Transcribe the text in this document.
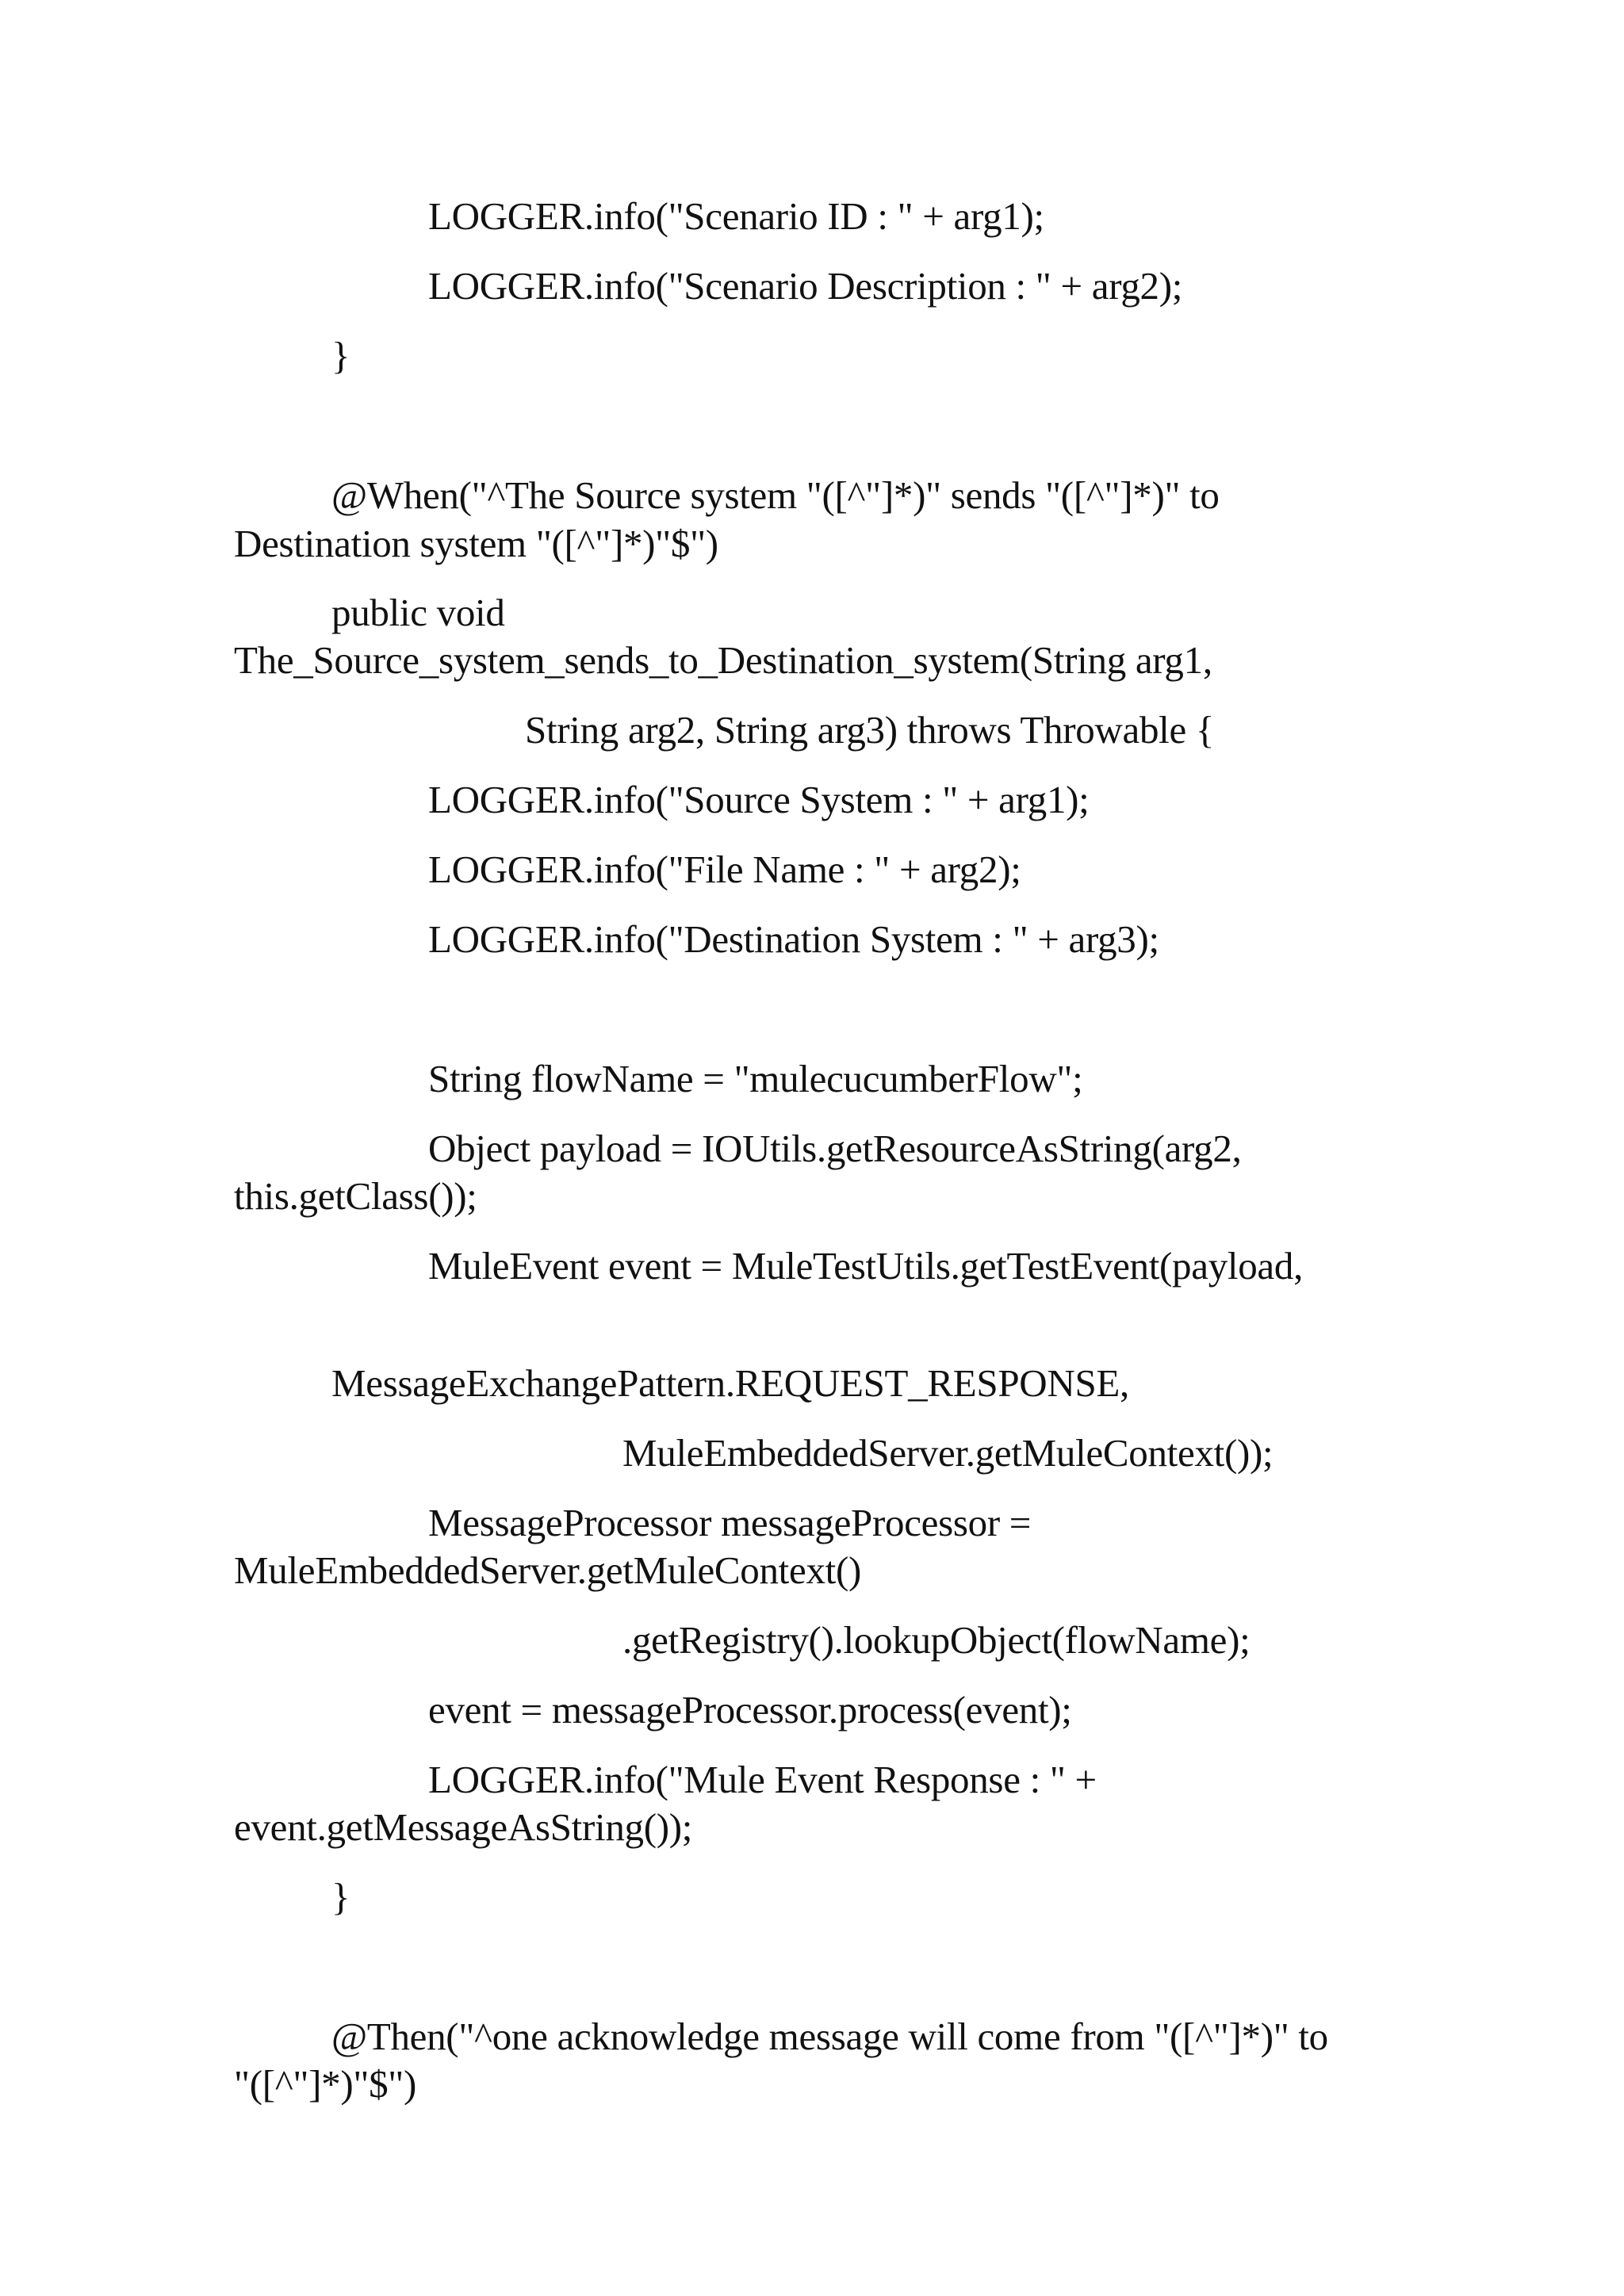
LOGGER.info("Scenario ID : " + arg1);

LOGGER.info("Scenario Description : " + arg2);

}

@When("^The Source system "([^"]*)" sends "([^"]*)" to

Destination system "([^"]*)"$")

public void

The_Source_system_sends_to_Destination_system(String arg1,

String arg2, String arg3) throws Throwable {

LOGGER.info("Source System : " + arg1);

LOGGER.info("File Name : " + arg2);

LOGGER.info("Destination System : " + arg3);

String flowName = "mulecucumberFlow";

Object payload = IOUtils.getResourceAsString(arg2,

this.getClass());

MuleEvent event = MuleTestUtils.getTestEvent(payload,

MessageExchangePattern.REQUEST_RESPONSE,

MuleEmbeddedServer.getMuleContext());

MessageProcessor messageProcessor =

MuleEmbeddedServer.getMuleContext()

.getRegistry().lookupObject(flowName);

event = messageProcessor.process(event);

LOGGER.info("Mule Event Response : " +

event.getMessageAsString());

}

@Then("^one acknowledge message will come from "([^"]*)" to

"([^"]*)"$")
